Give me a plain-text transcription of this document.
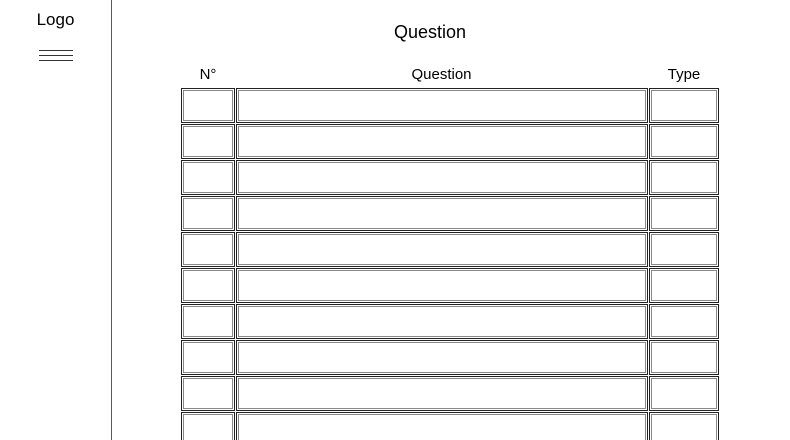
Logo
Question
N°	Question	Type
